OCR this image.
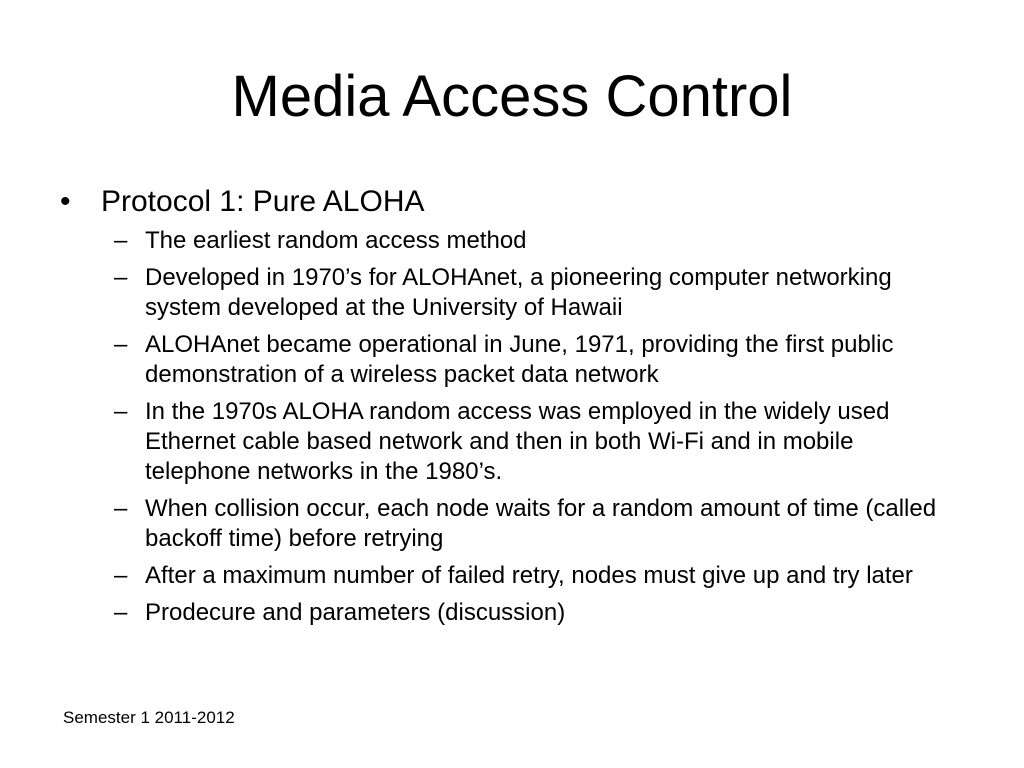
Media Access Control
• Protocol 1: Pure ALOHA
– The earliest random access method
– Developed in 1970’s for ALOHAnet, a pioneering computer networking system developed at the University of Hawaii
– ALOHAnet became operational in June, 1971, providing the first public demonstration of a wireless packet data network
– In the 1970s ALOHA random access was employed in the widely used Ethernet cable based network and then in both Wi-Fi and in mobile telephone networks in the 1980’s.
– When collision occur, each node waits for a random amount of time (called backoff time) before retrying
– After a maximum number of failed retry, nodes must give up and try later
– Prodecure and parameters (discussion)
Semester 1 2011-2012
